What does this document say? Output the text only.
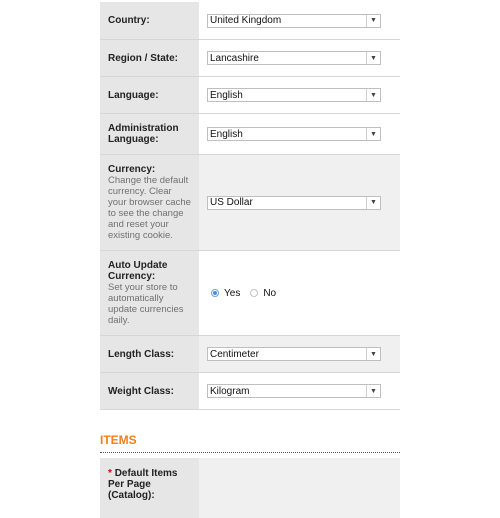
Country:	United Kingdom	▼
Region / State:	Lancashire	▼
Language:	English	▼
Administration Language:	English	▼
Currency:
Change the default currency. Clear your browser cache to see the change and reset your existing cookie.
US Dollar	▼
Auto Update Currency:
Set your store to automatically update currencies daily.
Yes No
Length Class:	Centimeter	▼
Weight Class:	Kilogram	▼
ITEMS
* Default Items Per Page (Catalog):
